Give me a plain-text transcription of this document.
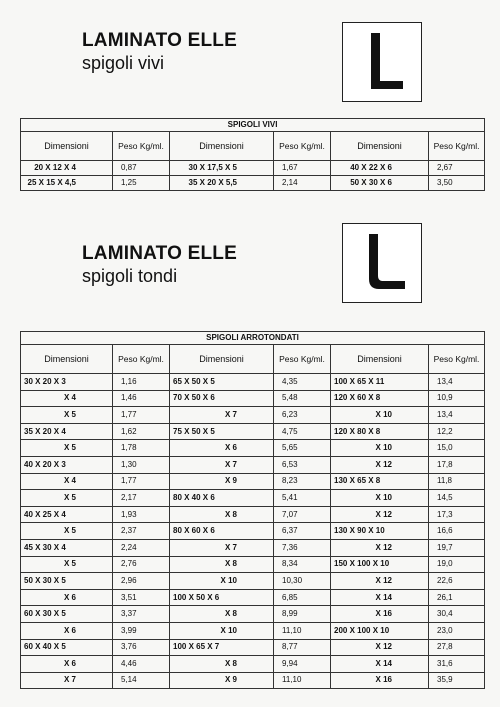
LAMINATO ELLE
spigoli vivi
SPIGOLI VIVI					
Dimensioni	Peso Kg/ml.	Dimensioni	Peso Kg/ml.	Dimensioni	Peso Kg/ml.
20 X 12 X 4	0,87	30 X 17,5 X 5	1,67	40 X 22 X 6	2,67
25 X 15 X 4,5	1,25	35 X 20 X 5,5	2,14	50 X 30 X 6	3,50
LAMINATO ELLE
spigoli tondi
SPIGOLI ARROTONDATI					
Dimensioni	Peso Kg/ml.	Dimensioni	Peso Kg/ml.	Dimensioni	Peso Kg/ml.
30 X 20 X 3	1,16	65 X 50 X 5	4,35	100 X 65 X 11	13,4
X 4	1,46	70 X 50 X 6	5,48	120 X 60 X 8	10,9
X 5	1,77	X 7	6,23	X 10	13,4
35 X 20 X 4	1,62	75 X 50 X 5	4,75	120 X 80 X 8	12,2
X 5	1,78	X 6	5,65	X 10	15,0
40 X 20 X 3	1,30	X 7	6,53	X 12	17,8
X 4	1,77	X 9	8,23	130 X 65 X 8	11,8
X 5	2,17	80 X 40 X 6	5,41	X 10	14,5
40 X 25 X 4	1,93	X 8	7,07	X 12	17,3
X 5	2,37	80 X 60 X 6	6,37	130 X 90 X 10	16,6
45 X 30 X 4	2,24	X 7	7,36	X 12	19,7
X 5	2,76	X 8	8,34	150 X 100 X 10	19,0
50 X 30 X 5	2,96	X 10	10,30	X 12	22,6
X 6	3,51	100 X 50 X 6	6,85	X 14	26,1
60 X 30 X 5	3,37	X 8	8,99	X 16	30,4
X 6	3,99	X 10	11,10	200 X 100 X 10	23,0
60 X 40 X 5	3,76	100 X 65 X 7	8,77	X 12	27,8
X 6	4,46	X 8	9,94	X 14	31,6
X 7	5,14	X 9	11,10	X 16	35,9
